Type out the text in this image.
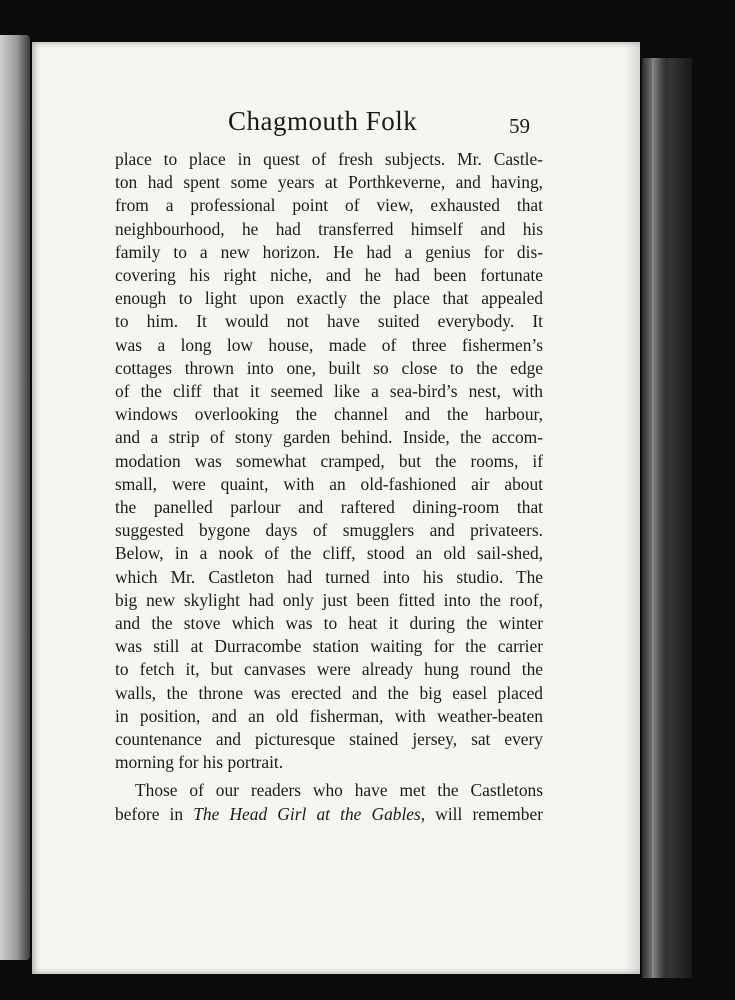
Chagmouth Folk	59
place to place in quest of fresh subjects. Mr. Castle-
ton had spent some years at Porthkeverne, and having,
from a professional point of view, exhausted that
neighbourhood, he had transferred himself and his
family to a new horizon. He had a genius for dis-
covering his right niche, and he had been fortunate
enough to light upon exactly the place that appealed
to him. It would not have suited everybody. It
was a long low house, made of three fishermen’s
cottages thrown into one, built so close to the edge
of the cliff that it seemed like a sea-bird’s nest, with
windows overlooking the channel and the harbour,
and a strip of stony garden behind. Inside, the accom-
modation was somewhat cramped, but the rooms, if
small, were quaint, with an old-fashioned air about
the panelled parlour and raftered dining-room that
suggested bygone days of smugglers and privateers.
Below, in a nook of the cliff, stood an old sail-shed,
which Mr. Castleton had turned into his studio. The
big new skylight had only just been fitted into the roof,
and the stove which was to heat it during the winter
was still at Durracombe station waiting for the carrier
to fetch it, but canvases were already hung round the
walls, the throne was erected and the big easel placed
in position, and an old fisherman, with weather-beaten
countenance and picturesque stained jersey, sat every
morning for his portrait.
Those of our readers who have met the Castletons
before in The Head Girl at the Gables, will remember
